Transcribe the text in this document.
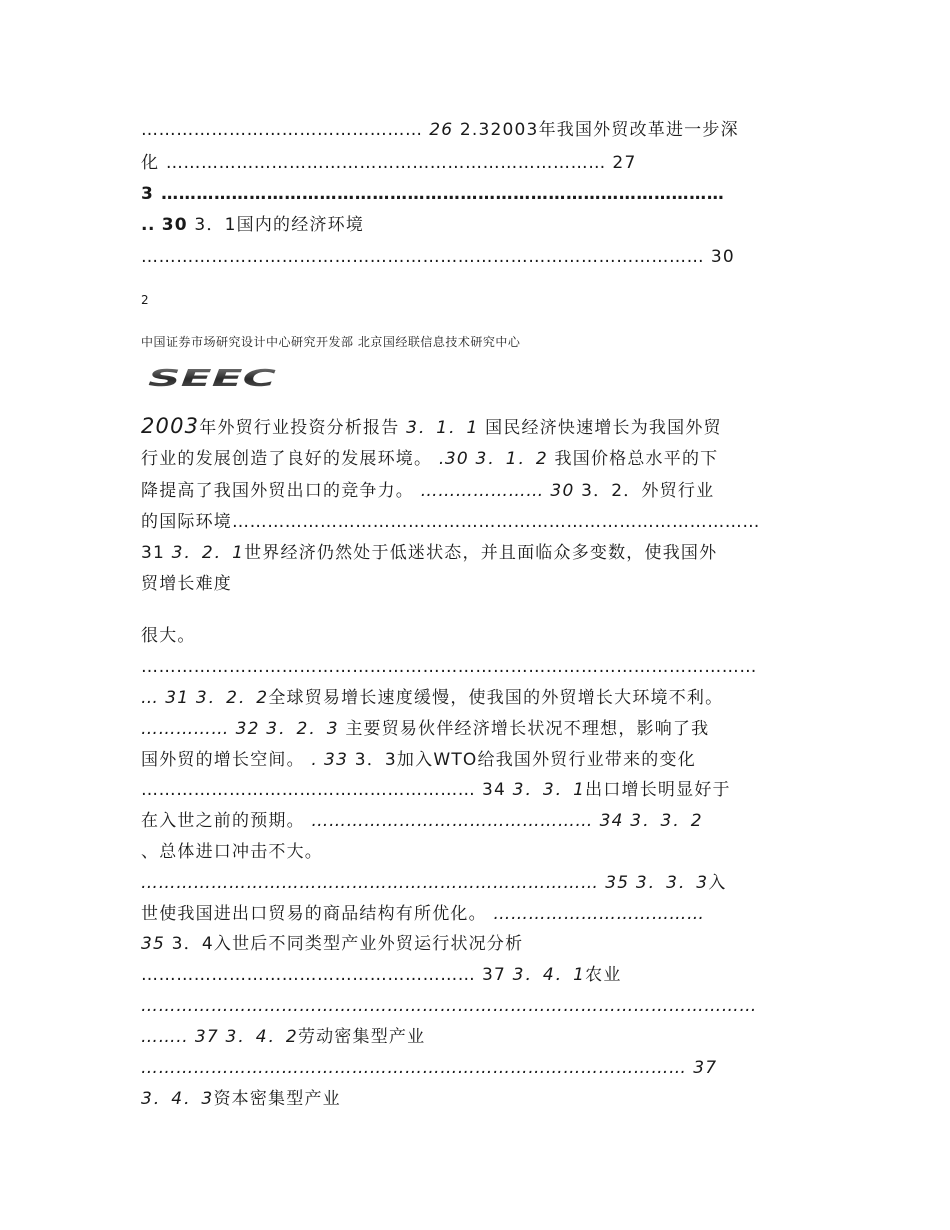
………………………………………… 26 2.32003年我国外贸改革进一步深
化 ………………………………………………………………… 27
3 ……………………………………………………………………………………
.. 30 3．1国内的经济环境
…………………………………………………………………………………… 30
2
中国证券市场研究设计中心研究开发部 北京国经联信息技术研究中心
SEEC
2003年外贸行业投资分析报告 3．1．1 国民经济快速增长为我国外贸
行业的发展创造了良好的发展环境。 .30 3．1．2 我国价格总水平的下
降提高了我国外贸出口的竞争力。 ………………… 30 3．2．外贸行业
的国际环境………………………………………………………………………………
31 3．2．1世界经济仍然处于低迷状态，并且面临众多变数，使我国外
贸增长难度
很大。
……………………………………………………………………………………………
… 31 3．2．2全球贸易增长速度缓慢，使我国的外贸增长大环境不利。
…………… 32 3．2．3 主要贸易伙伴经济增长状况不理想，影响了我
国外贸的增长空间。 . 33 3．3加入WTO给我国外贸行业带来的变化
………………………………………………… 34 3．3．1出口增长明显好于
在入世之前的预期。 ………………………………………… 34 3．3．2
、总体进口冲击不大。
…………………………………………………………………… 35 3．3．3入
世使我国进出口贸易的商品结构有所优化。 ………………………………
35 3．4入世后不同类型产业外贸运行状况分析
………………………………………………… 37 3．4．1农业
……………………………………………………………………………………………
…….. 37 3．4．2劳动密集型产业
………………………………………………………………………………… 37
3．4．3资本密集型产业
